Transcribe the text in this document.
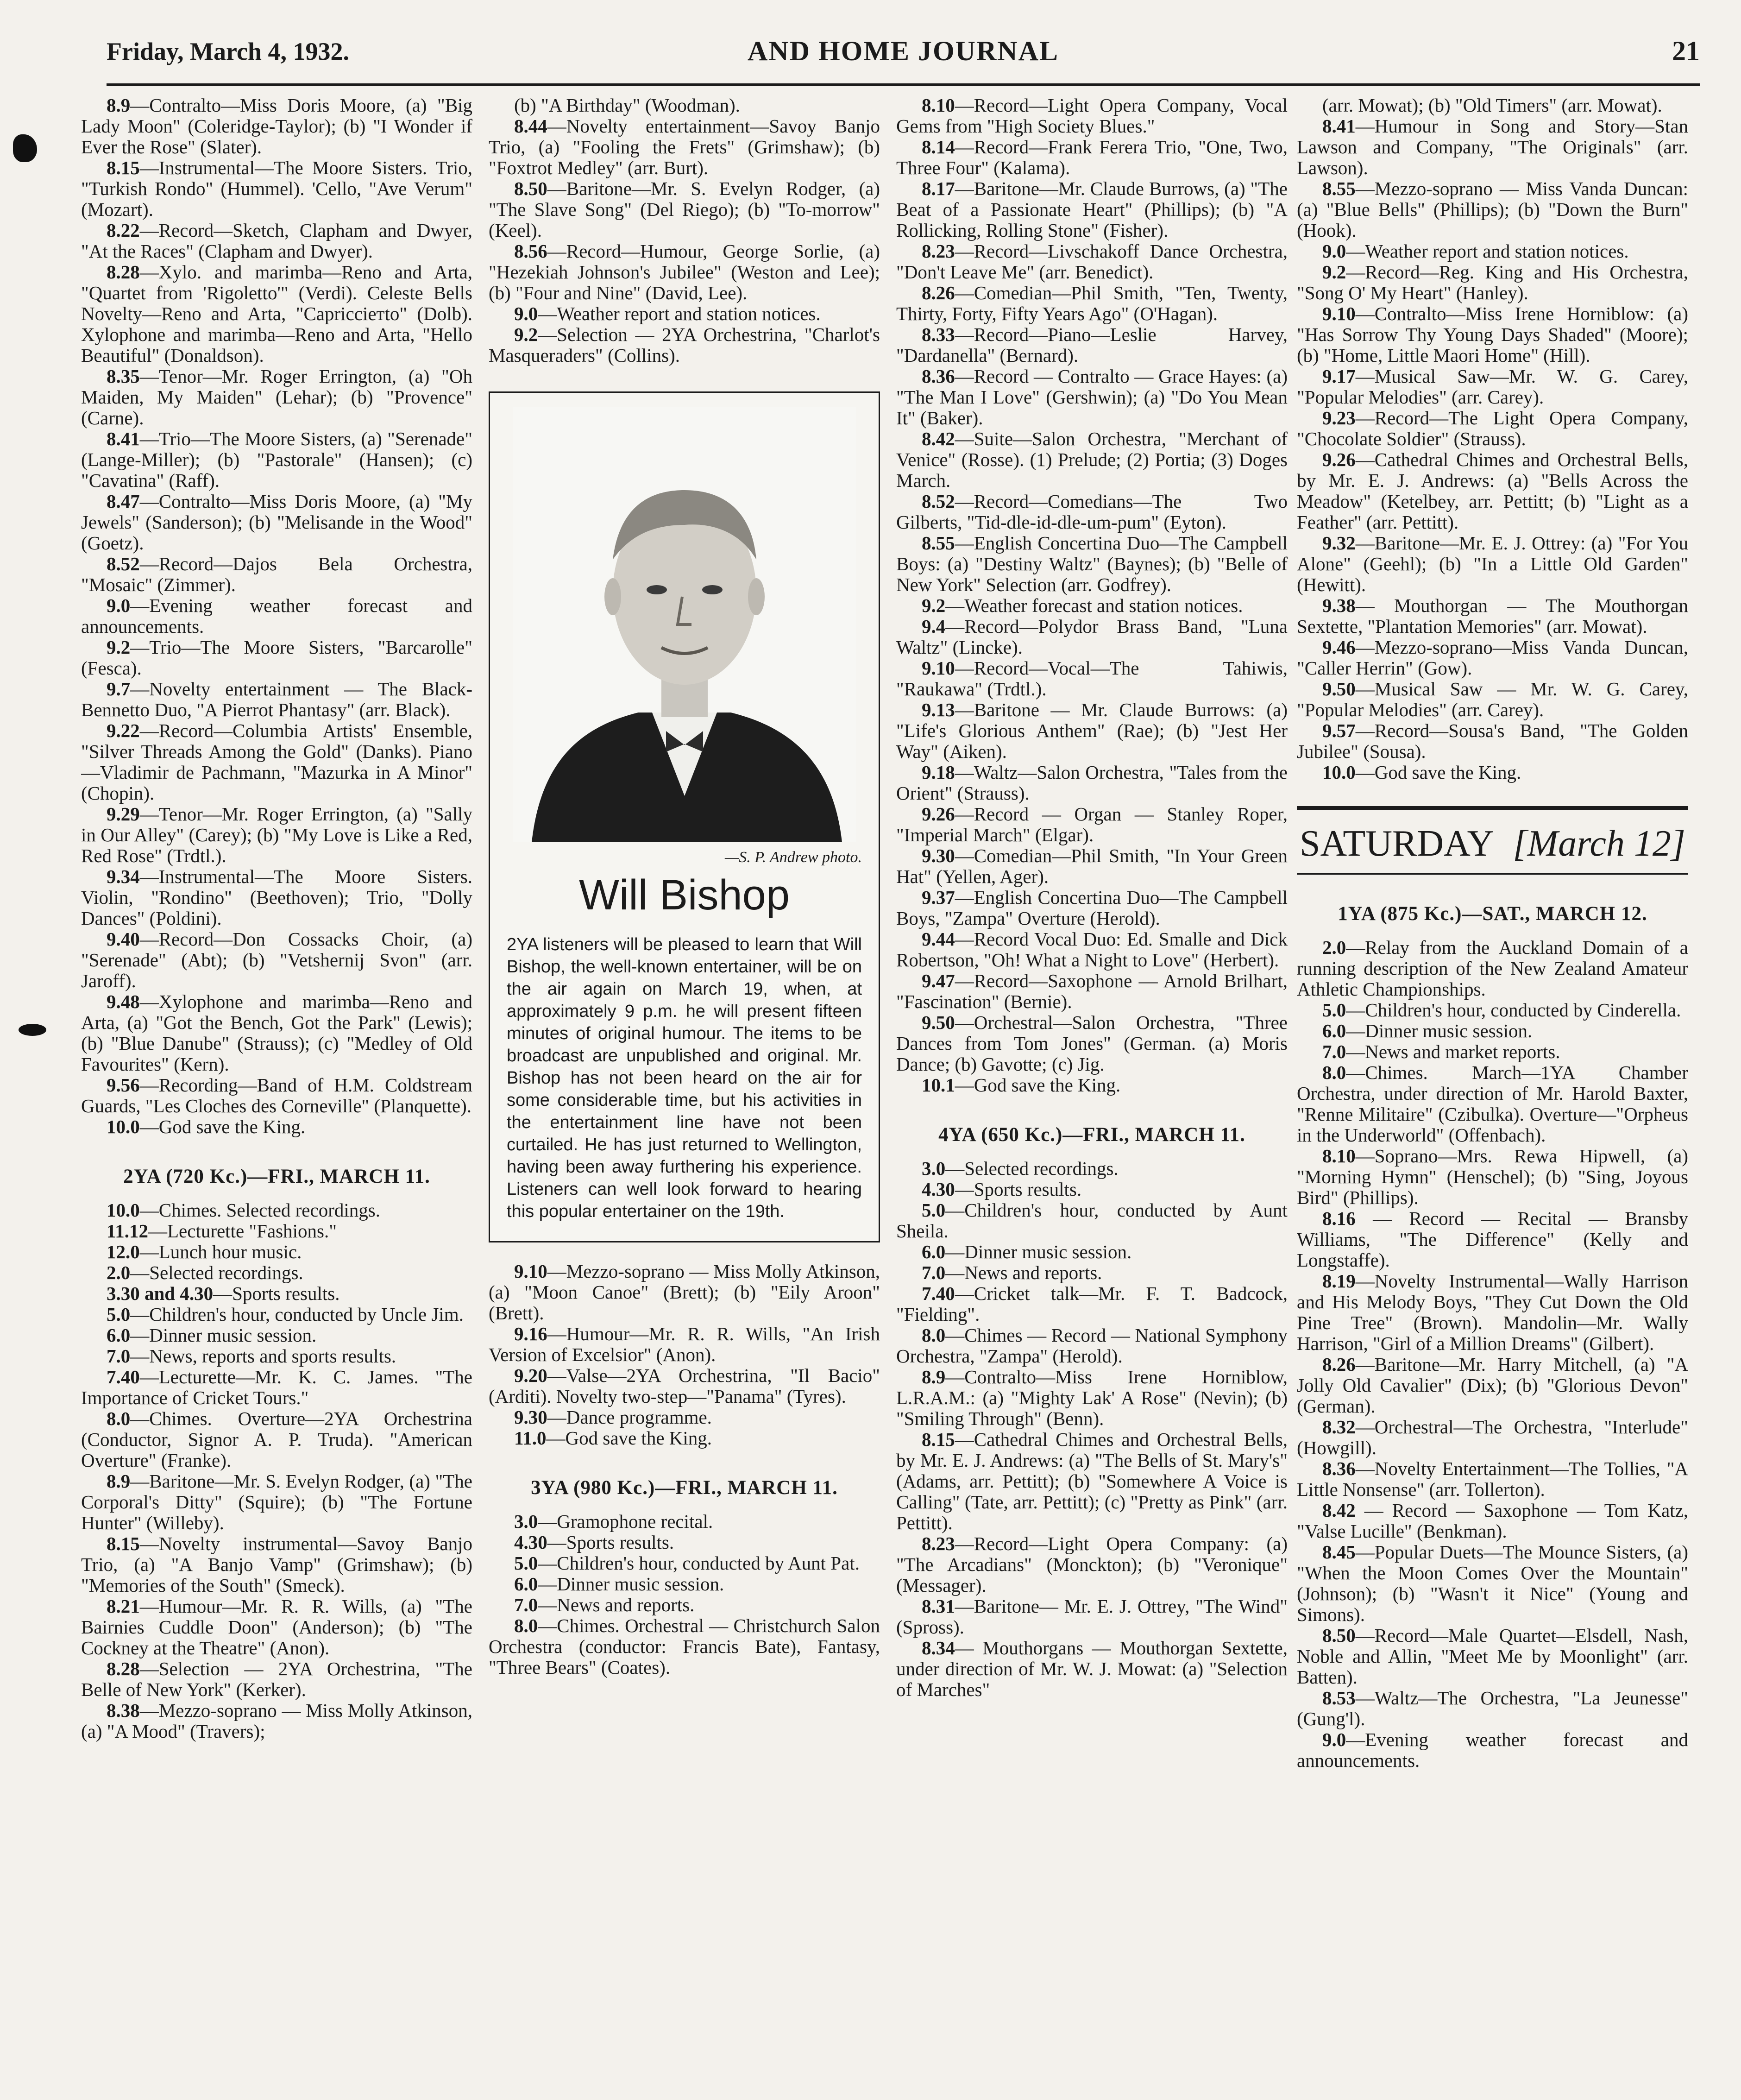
Friday, March 4, 1932.	AND HOME JOURNAL	21

8.9—Contralto—Miss Doris Moore, (a) "Big Lady Moon" (Coleridge-Taylor); (b) "I Wonder if Ever the Rose" (Slater).

8.15—Instrumental—The Moore Sisters. Trio, "Turkish Rondo" (Hummel). 'Cello, "Ave Verum" (Mozart).

8.22—Record—Sketch, Clapham and Dwyer, "At the Races" (Clapham and Dwyer).

8.28—Xylo. and marimba—Reno and Arta, "Quartet from 'Rigoletto'" (Verdi). Celeste Bells Novelty—Reno and Arta, "Capricciетto" (Dolb). Xylophone and marimba—Reno and Arta, "Hello Beautiful" (Donaldson).

8.35—Tenor—Mr. Roger Errington, (a) "Oh Maiden, My Maiden" (Lehar); (b) "Provence" (Carne).

8.41—Trio—The Moore Sisters, (a) "Serenade" (Lange-Miller); (b) "Pastorale" (Hansen); (c) "Cavatina" (Raff).

8.47—Contralto—Miss Doris Moore, (a) "My Jewels" (Sanderson); (b) "Melisande in the Wood" (Goetz).

8.52—Record—Dajos Bela Orchestra, "Mosaic" (Zimmer).

9.0—Evening weather forecast and announcements.

9.2—Trio—The Moore Sisters, "Barcarolle" (Fesca).

9.7—Novelty entertainment — The Black-Bennetto Duo, "A Pierrot Phantasy" (arr. Black).

9.22—Record—Columbia Artists' Ensemble, "Silver Threads Among the Gold" (Danks). Piano—Vladimir de Pachmann, "Mazurka in A Minor" (Chopin).

9.29—Tenor—Mr. Roger Errington, (a) "Sally in Our Alley" (Carey); (b) "My Love is Like a Red, Red Rose" (Trdtl.).

9.34—Instrumental—The Moore Sisters. Violin, "Rondino" (Beethoven); Trio, "Dolly Dances" (Poldini).

9.40—Record—Don Cossacks Choir, (a) "Serenade" (Abt); (b) "Vetshernij Svon" (arr. Jaroff).

9.48—Xylophone and marimba—Reno and Arta, (a) "Got the Bench, Got the Park" (Lewis); (b) "Blue Danube" (Strauss); (c) "Medley of Old Favourites" (Kern).

9.56—Recording—Band of H.M. Coldstream Guards, "Les Cloches des Corneville" (Planquette).

10.0—God save the King.

2YA (720 Kc.)—FRI., MARCH 11.

10.0—Chimes. Selected recordings.

11.12—Lecturette "Fashions."

12.0—Lunch hour music.

2.0—Selected recordings.

3.30 and 4.30—Sports results.

5.0—Children's hour, conducted by Uncle Jim.

6.0—Dinner music session.

7.0—News, reports and sports results.

7.40—Lecturette—Mr. K. C. James. "The Importance of Cricket Tours."

8.0—Chimes. Overture—2YA Orchestrina (Conductor, Signor A. P. Truda). "American Overture" (Franke).

8.9—Baritone—Mr. S. Evelyn Rodger, (a) "The Corporal's Ditty" (Squire); (b) "The Fortune Hunter" (Willeby).

8.15—Novelty instrumental—Savoy Banjo Trio, (a) "A Banjo Vamp" (Grimshaw); (b) "Memories of the South" (Smeck).

8.21—Humour—Mr. R. R. Wills, (a) "The Bairnies Cuddle Doon" (Anderson); (b) "The Cockney at the Theatre" (Anon).

8.28—Selection — 2YA Orchestrina, "The Belle of New York" (Kerker).

8.38—Mezzo-soprano — Miss Molly Atkinson, (a) "A Mood" (Travers);

(b) "A Birthday" (Woodman).

8.44—Novelty entertainment—Savoy Banjo Trio, (a) "Fooling the Frets" (Grimshaw); (b) "Foxtrot Medley" (arr. Burt).

8.50—Baritone—Mr. S. Evelyn Rodger, (a) "The Slave Song" (Del Riego); (b) "To-morrow" (Keel).

8.56—Record—Humour, George Sorlie, (a) "Hezekiah Johnson's Jubilee" (Weston and Lee); (b) "Four and Nine" (David, Lee).

9.0—Weather report and station notices.

9.2—Selection — 2YA Orchestrina, "Charlot's Masqueraders" (Collins).

—S. P. Andrew photo.
Will Bishop

2YA listeners will be pleased to learn that Will Bishop, the well-known entertainer, will be on the air again on March 19, when, at approximately 9 p.m. he will present fifteen minutes of original humour. The items to be broadcast are unpublished and original. Mr. Bishop has not been heard on the air for some considerable time, but his activities in the entertainment line have not been curtailed. He has just returned to Wellington, having been away furthering his experience. Listeners can well look forward to hearing this popular entertainer on the 19th.

9.10—Mezzo-soprano — Miss Molly Atkinson, (a) "Moon Canoe" (Brett); (b) "Eily Aroon" (Brett).

9.16—Humour—Mr. R. R. Wills, "An Irish Version of Excelsior" (Anon).

9.20—Valse—2YA Orchestrina, "Il Bacio" (Arditi). Novelty two-step—"Panama" (Tyres).

9.30—Dance programme.

11.0—God save the King.

3YA (980 Kc.)—FRI., MARCH 11.

3.0—Gramophone recital.

4.30—Sports results.

5.0—Children's hour, conducted by Aunt Pat.

6.0—Dinner music session.

7.0—News and reports.

8.0—Chimes. Orchestral — Christchurch Salon Orchestra (conductor: Francis Bate), Fantasy, "Three Bears" (Coates).

8.10—Record—Light Opera Company, Vocal Gems from "High Society Blues."

8.14—Record—Frank Ferera Trio, "One, Two, Three Four" (Kalama).

8.17—Baritone—Mr. Claude Burrows, (a) "The Beat of a Passionate Heart" (Phillips); (b) "A Rollicking, Rolling Stone" (Fisher).

8.23—Record—Livschakoff Dance Orchestra, "Don't Leave Me" (arr. Benedict).

8.26—Comedian—Phil Smith, "Ten, Twenty, Thirty, Forty, Fifty Years Ago" (O'Hagan).

8.33—Record—Piano—Leslie Harvey, "Dardanella" (Bernard).

8.36—Record — Contralto — Grace Hayes: (a) "The Man I Love" (Gershwin); (a) "Do You Mean It" (Baker).

8.42—Suite—Salon Orchestra, "Merchant of Venice" (Rosse). (1) Prelude; (2) Portia; (3) Doges March.

8.52—Record—Comedians—The Two Gilberts, "Tid-dle-id-dle-um-pum" (Eyton).

8.55—English Concertina Duo—The Campbell Boys: (a) "Destiny Waltz" (Baynes); (b) "Belle of New York" Selection (arr. Godfrey).

9.2—Weather forecast and station notices.

9.4—Record—Polydor Brass Band, "Luna Waltz" (Lincke).

9.10—Record—Vocal—The Tahiwis, "Raukawa" (Trdtl.).

9.13—Baritone — Mr. Claude Burrows: (a) "Life's Glorious Anthem" (Rae); (b) "Jest Her Way" (Aiken).

9.18—Waltz—Salon Orchestra, "Tales from the Orient" (Strauss).

9.26—Record — Organ — Stanley Roper, "Imperial March" (Elgar).

9.30—Comedian—Phil Smith, "In Your Green Hat" (Yellen, Ager).

9.37—English Concertina Duo—The Campbell Boys, "Zampa" Overture (Herold).

9.44—Record Vocal Duo: Ed. Smalle and Dick Robertson, "Oh! What a Night to Love" (Herbert).

9.47—Record—Saxophone — Arnold Brilhart, "Fascination" (Bernie).

9.50—Orchestral—Salon Orchestra, "Three Dances from Tom Jones" (German. (a) Moris Dance; (b) Gavotte; (c) Jig.

10.1—God save the King.

4YA (650 Kc.)—FRI., MARCH 11.

3.0—Selected recordings.

4.30—Sports results.

5.0—Children's hour, conducted by Aunt Sheila.

6.0—Dinner music session.

7.0—News and reports.

7.40—Cricket talk—Mr. F. T. Badcock, "Fielding".

8.0—Chimes — Record — National Symphony Orchestra, "Zampa" (Herold).

8.9—Contralto—Miss Irene Horniblow, L.R.A.M.: (a) "Mighty Lak' A Rose" (Nevin); (b) "Smiling Through" (Benn).

8.15—Cathedral Chimes and Orchestral Bells, by Mr. E. J. Andrews: (a) "The Bells of St. Mary's" (Adams, arr. Pettitt); (b) "Somewhere A Voice is Calling" (Tate, arr. Pettitt); (c) "Pretty as Pink" (arr. Pettitt).

8.23—Record—Light Opera Company: (a) "The Arcadians" (Monckton); (b) "Veronique" (Messager).

8.31—Baritone— Mr. E. J. Ottrey, "The Wind" (Spross).

8.34— Mouthorgans — Mouthorgan Sextette, under direction of Mr. W. J. Mowat: (a) "Selection of Marches"

(arr. Mowat); (b) "Old Timers" (arr. Mowat).

8.41—Humour in Song and Story—Stan Lawson and Company, "The Originals" (arr. Lawson).

8.55—Mezzo-soprano — Miss Vanda Duncan: (a) "Blue Bells" (Phillips); (b) "Down the Burn" (Hook).

9.0—Weather report and station notices.

9.2—Record—Reg. King and His Orchestra, "Song O' My Heart" (Hanley).

9.10—Contralto—Miss Irene Horniblow: (a) "Has Sorrow Thy Young Days Shaded" (Moore); (b) "Home, Little Maori Home" (Hill).

9.17—Musical Saw—Mr. W. G. Carey, "Popular Melodies" (arr. Carey).

9.23—Record—The Light Opera Company, "Chocolate Soldier" (Strauss).

9.26—Cathedral Chimes and Orchestral Bells, by Mr. E. J. Andrews: (a) "Bells Across the Meadow" (Ketelbey, arr. Pettitt; (b) "Light as a Feather" (arr. Pettitt).

9.32—Baritone—Mr. E. J. Ottrey: (a) "For You Alone" (Geehl); (b) "In a Little Old Garden" (Hewitt).

9.38— Mouthorgan — The Mouthorgan Sextette, "Plantation Memories" (arr. Mowat).

9.46—Mezzo-soprano—Miss Vanda Duncan, "Caller Herrin" (Gow).

9.50—Musical Saw — Mr. W. G. Carey, "Popular Melodies" (arr. Carey).

9.57—Record—Sousa's Band, "The Golden Jubilee" (Sousa).

10.0—God save the King.

SATURDAY [March 12]
1YA (875 Kc.)—SAT., MARCH 12.

2.0—Relay from the Auckland Domain of a running description of the New Zealand Amateur Athletic Championships.

5.0—Children's hour, conducted by Cinderella.

6.0—Dinner music session.

7.0—News and market reports.

8.0—Chimes. March—1YA Chamber Orchestra, under direction of Mr. Harold Baxter, "Renne Militaire" (Czibulka). Overture—"Orpheus in the Underworld" (Offenbach).

8.10—Soprano—Mrs. Rewa Hipwell, (a) "Morning Hymn" (Henschel); (b) "Sing, Joyous Bird" (Phillips).

8.16 — Record — Recital — Bransby Williams, "The Difference" (Kelly and Longstaffe).

8.19—Novelty Instrumental—Wally Harrison and His Melody Boys, "They Cut Down the Old Pine Tree" (Brown). Mandolin—Mr. Wally Harrison, "Girl of a Million Dreams" (Gilbert).

8.26—Baritone—Mr. Harry Mitchell, (a) "A Jolly Old Cavalier" (Dix); (b) "Glorious Devon" (German).

8.32—Orchestral—The Orchestra, "Interlude" (Howgill).

8.36—Novelty Entertainment—The Tollies, "A Little Nonsense" (arr. Tollerton).

8.42 — Record — Saxophone — Tom Katz, "Valse Lucille" (Benkman).

8.45—Popular Duets—The Mounce Sisters, (a) "When the Moon Comes Over the Mountain" (Johnson); (b) "Wasn't it Nice" (Young and Simons).

8.50—Record—Male Quartet—Elsdell, Nash, Noble and Allin, "Meet Me by Moonlight" (arr. Batten).

8.53—Waltz—The Orchestra, "La Jeunesse" (Gung'l).

9.0—Evening weather forecast and announcements.
